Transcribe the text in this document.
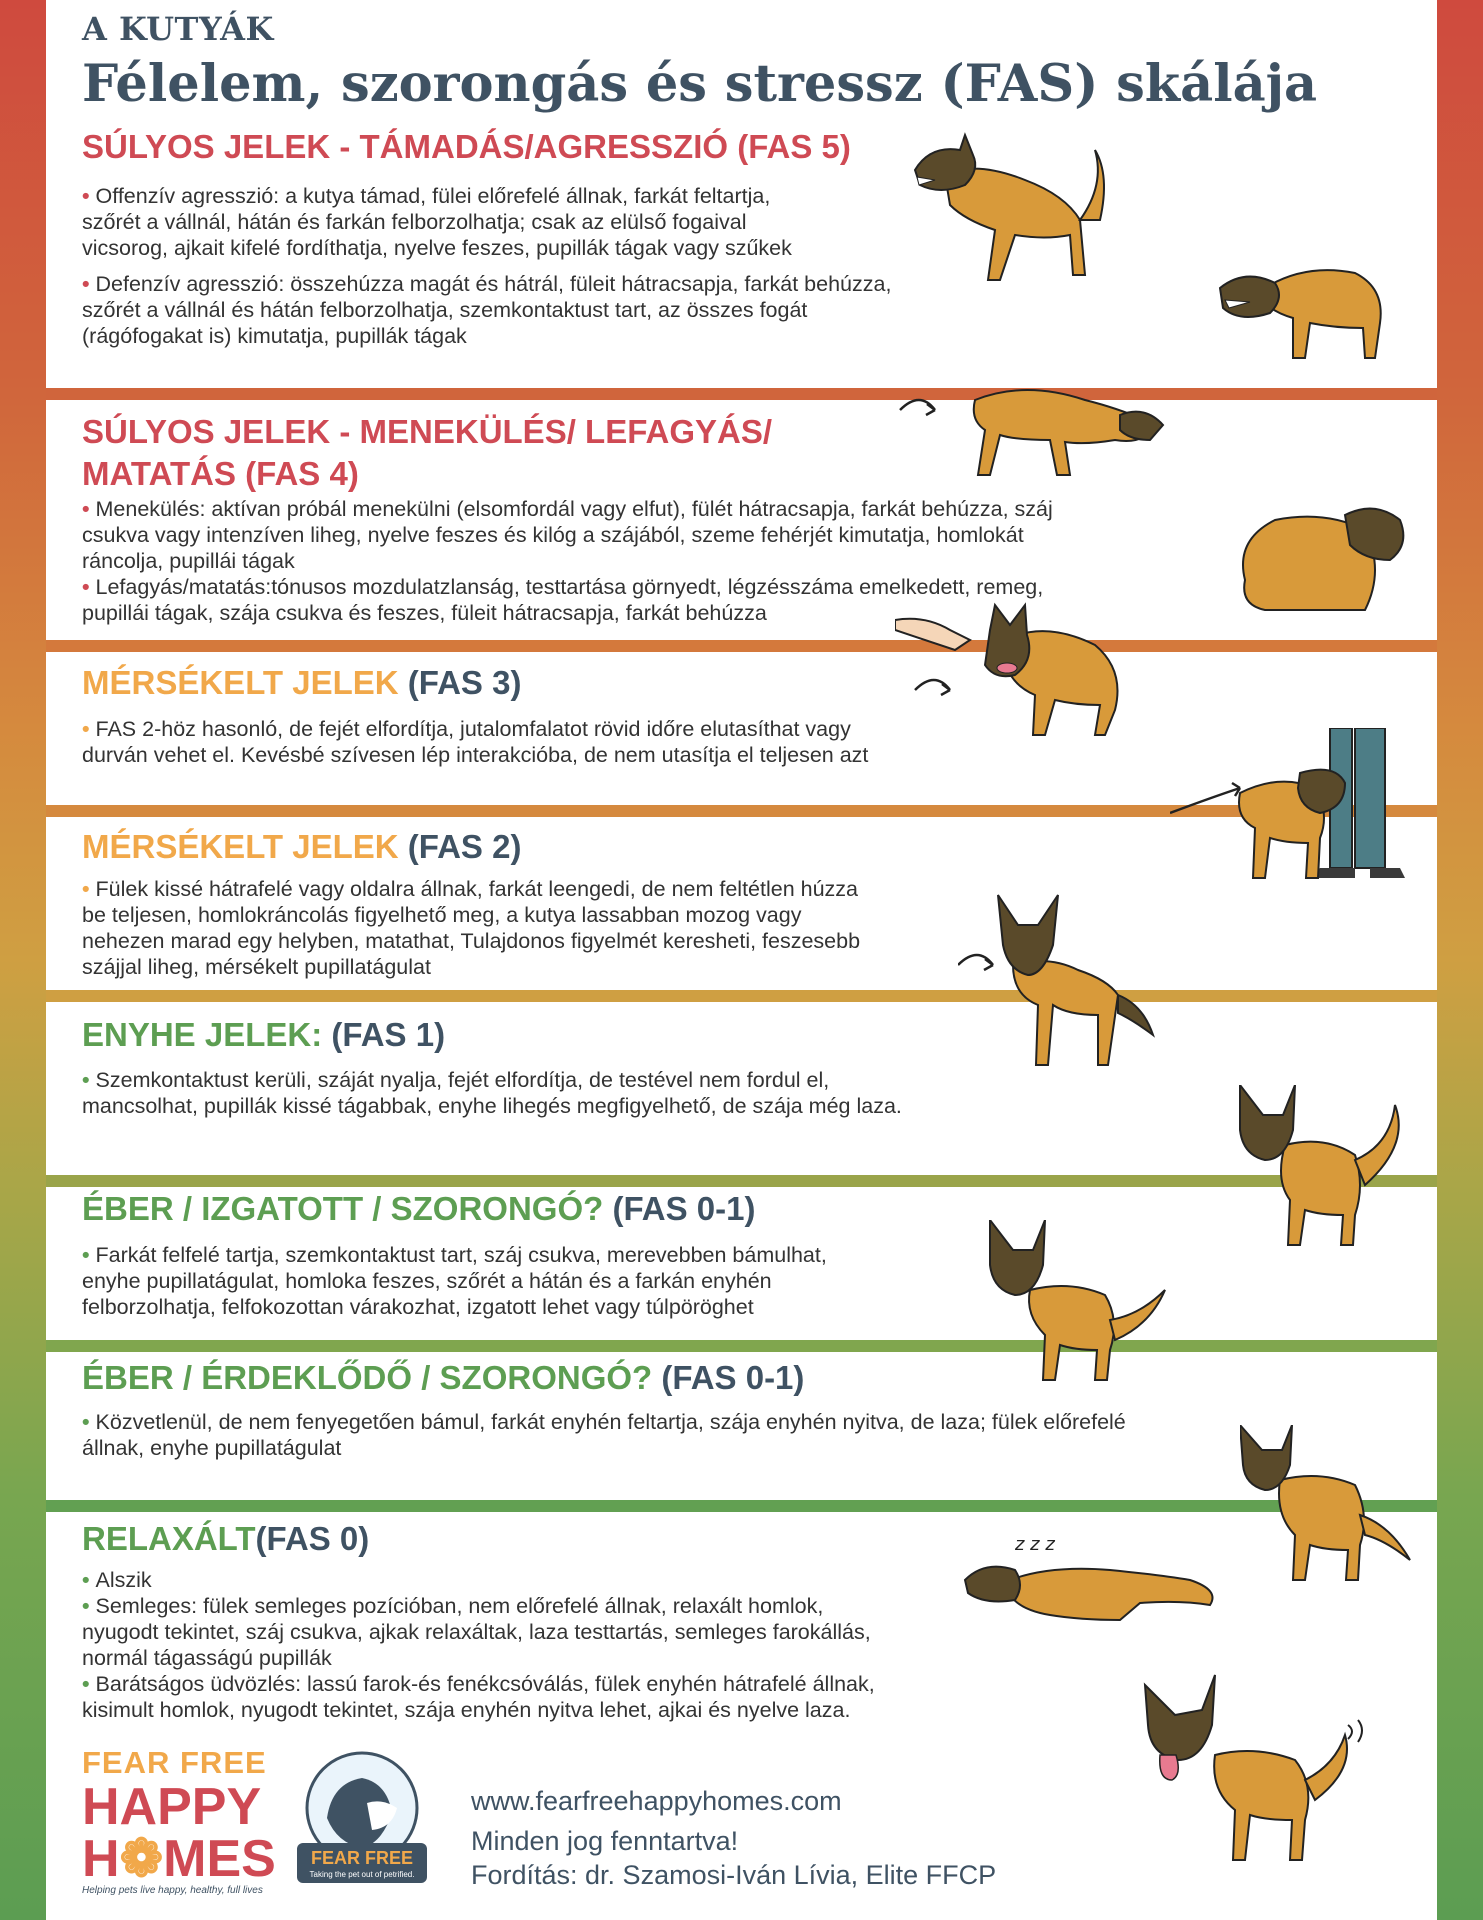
A KUTYÁK
Félelem, szorongás és stressz (FAS) skálája
SÚLYOS JELEK - TÁMADÁS/AGRESSZIÓ (FAS 5)

• Offenzív agresszió: a kutya támad, fülei előrefelé állnak, farkát feltartja,
szőrét a vállnál, hátán és farkán felborzolhatja; csak az elülső fogaival
vicsorog, ajkait kifelé fordíthatja, nyelve feszes, pupillák tágak vagy szűkek

• Defenzív agresszió: összehúzza magát és hátrál, füleit hátracsapja, farkát behúzza,
szőrét a vállnál és hátán felborzolhatja, szemkontaktust tart, az összes fogát
(rágófogakat is) kimutatja, pupillák tágak

SÚLYOS JELEK - MENEKÜLÉS/ LEFAGYÁS/
MATATÁS (FAS 4)

• Menekülés: aktívan próbál menekülni (elsomfordál vagy elfut), fülét hátracsapja, farkát behúzza, száj
csukva vagy intenzíven liheg, nyelve feszes és kilóg a szájából, szeme fehérjét kimutatja, homlokát
ráncolja, pupillái tágak

• Lefagyás/matatás:tónusos mozdulatzlanság, testtartása görnyedt, légzésszáma emelkedett, remeg,
pupillái tágak, szája csukva és feszes, füleit hátracsapja, farkát behúzza

MÉRSÉKELT JELEK (FAS 3)

• FAS 2-höz hasonló, de fejét elfordítja, jutalomfalatot rövid időre elutasíthat vagy
durván vehet el. Kevésbé szívesen lép interakcióba, de nem utasítja el teljesen azt

MÉRSÉKELT JELEK (FAS 2)

• Fülek kissé hátrafelé vagy oldalra állnak, farkát leengedi, de nem feltétlen húzza
be teljesen, homlokráncolás figyelhető meg, a kutya lassabban mozog vagy
nehezen marad egy helyben, matathat, Tulajdonos figyelmét keresheti, feszesebb
szájjal liheg, mérsékelt pupillatágulat

ENYHE JELEK: (FAS 1)

• Szemkontaktust kerüli, száját nyalja, fejét elfordítja, de testével nem fordul el,
mancsolhat, pupillák kissé tágabbak, enyhe lihegés megfigyelhető, de szája még laza.

ÉBER / IZGATOTT / SZORONGÓ? (FAS 0-1)

• Farkát felfelé tartja, szemkontaktust tart, száj csukva, merevebben bámulhat,
enyhe pupillatágulat, homloka feszes, szőrét a hátán és a farkán enyhén
felborzolhatja, felfokozottan várakozhat, izgatott lehet vagy túlpöröghet

ÉBER / ÉRDEKLŐDŐ / SZORONGÓ? (FAS 0-1)

• Közvetlenül, de nem fenyegetően bámul, farkát enyhén feltartja, szája enyhén nyitva, de laza; fülek előrefelé
állnak, enyhe pupillatágulat

RELAXÁLT(FAS 0)

• Alszik
• Semleges: fülek semleges pozícióban, nem előrefelé állnak, relaxált homlok,
nyugodt tekintet, száj csukva, ajkak relaxáltak, laza testtartás, semleges farokállás,
normál tágasságú pupillák
• Barátságos üdvözlés: lassú farok-és fenékcsóválás, fülek enyhén hátrafelé állnak,
kisimult homlok, nyugodt tekintet, szája enyhén nyitva lehet, ajkai és nyelve laza.

z z z
FEAR FREE
HAPPY
H❁MES
Helping pets live happy, healthy, full lives
FEAR FREE
Taking the pet out of petrified.
www.fearfreehappyhomes.com
Minden jog fenntartva!
Fordítás: dr. Szamosi-Iván Lívia, Elite FFCP
